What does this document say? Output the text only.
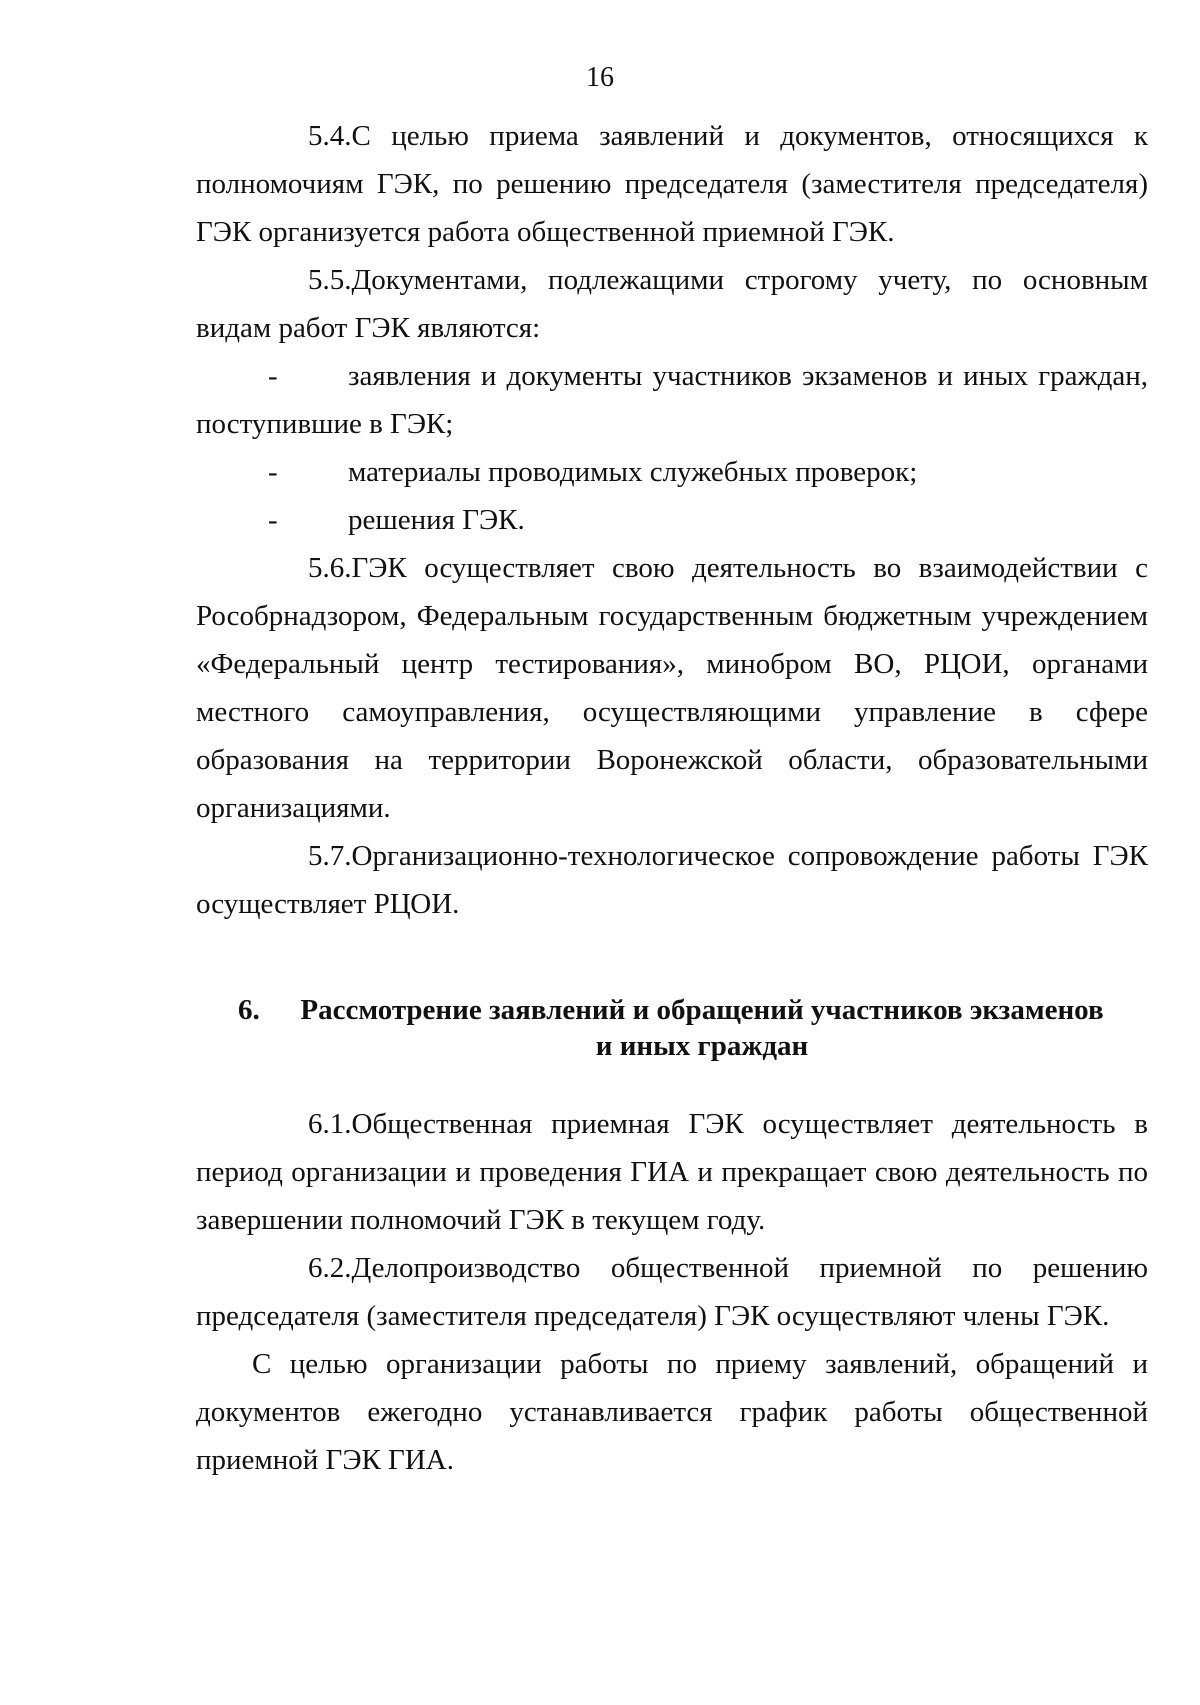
16

5.4.С целью приема заявлений и документов, относящихся к полномочиям ГЭК, по решению председателя (заместителя председателя) ГЭК организуется работа общественной приемной ГЭК.

5.5.Документами, подлежащими строгому учету, по основным видам работ ГЭК являются:

- заявления и документы участников экзаменов и иных граждан, поступившие в ГЭК;

- материалы проводимых служебных проверок;

- решения ГЭК.

5.6.ГЭК осуществляет свою деятельность во взаимодействии с Рособрнадзором, Федеральным государственным бюджетным учреждением «Федеральный центр тестирования», минобром ВО, РЦОИ, органами местного самоуправления, осуществляющими управление в сфере образования на территории Воронежской области, образовательными организациями.

5.7.Организационно-технологическое сопровождение работы ГЭК осуществляет РЦОИ.

6.	Рассмотрение заявлений и обращений участников экзаменов
и иных граждан

6.1.Общественная приемная ГЭК осуществляет деятельность в период организации и проведения ГИА и прекращает свою деятельность по завершении полномочий ГЭК в текущем году.

6.2.Делопроизводство общественной приемной по решению председателя (заместителя председателя) ГЭК осуществляют члены ГЭК.

С целью организации работы по приему заявлений, обращений и документов ежегодно устанавливается график работы общественной приемной ГЭК ГИА.
